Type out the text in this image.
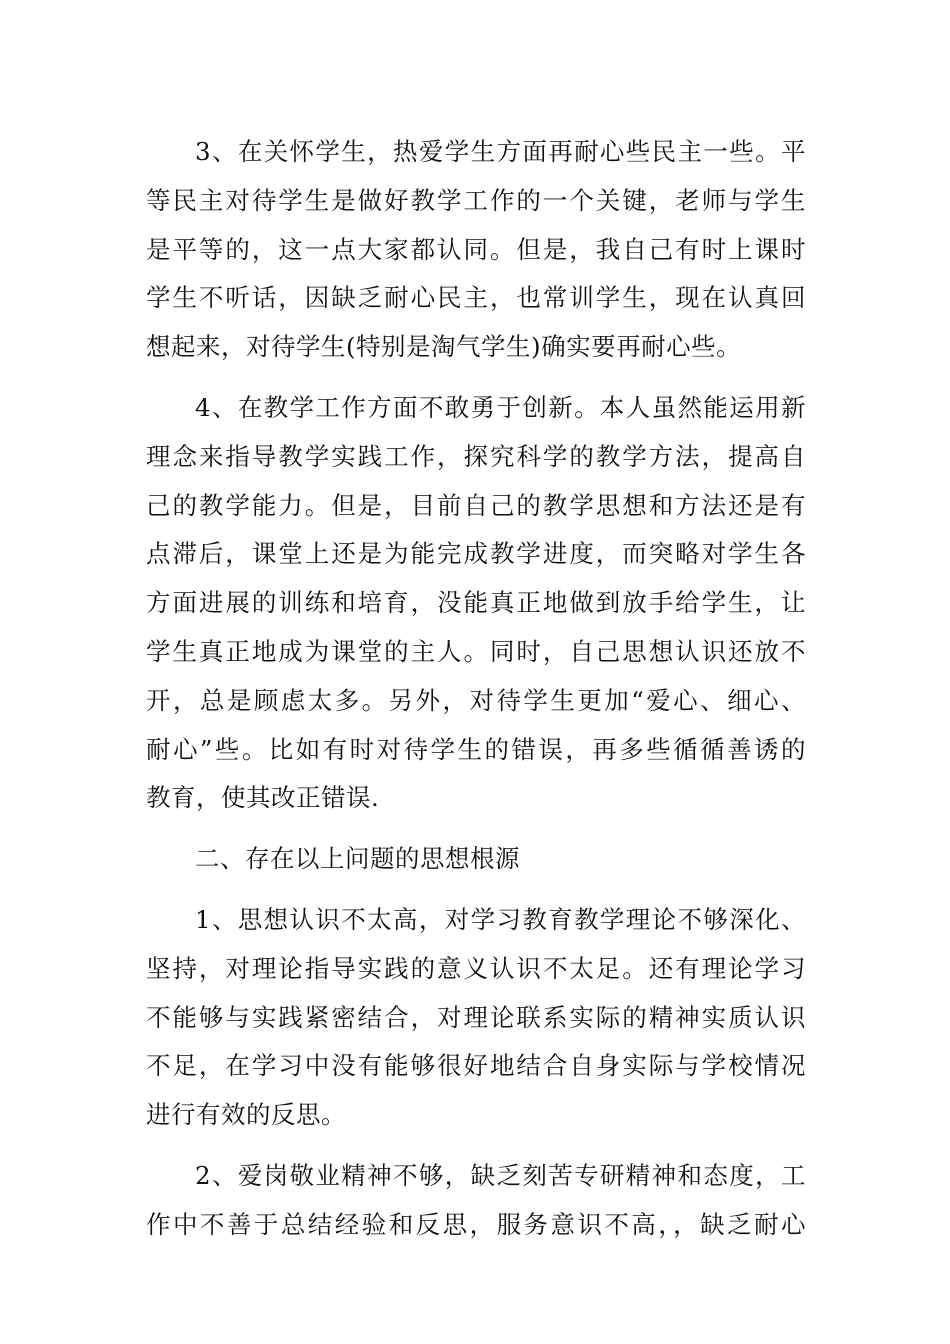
3、在关怀学生，热爱学生方面再耐心些民主一些。平
等民主对待学生是做好教学工作的一个关键，老师与学生
是平等的，这一点大家都认同。但是，我自己有时上课时
学生不听话，因缺乏耐心民主，也常训学生，现在认真回
想起来，对待学生(特别是淘气学生)确实要再耐心些。
4、在教学工作方面不敢勇于创新。本人虽然能运用新
理念来指导教学实践工作，探究科学的教学方法，提高自
己的教学能力。但是，目前自己的教学思想和方法还是有
点滞后，课堂上还是为能完成教学进度，而突略对学生各
方面进展的训练和培育，没能真正地做到放手给学生，让
学生真正地成为课堂的主人。同时，自己思想认识还放不
开，总是顾虑太多。另外，对待学生更加“爱心、细心、
耐心”些。比如有时对待学生的错误，再多些循循善诱的
教育，使其改正错误.
二、存在以上问题的思想根源
1、思想认识不太高，对学习教育教学理论不够深化、
坚持，对理论指导实践的意义认识不太足。还有理论学习
不能够与实践紧密结合，对理论联系实际的精神实质认识
不足，在学习中没有能够很好地结合自身实际与学校情况
进行有效的反思。
2、爱岗敬业精神不够，缺乏刻苦专研精神和态度，工
作中不善于总结经验和反思，服务意识不高，，缺乏耐心
